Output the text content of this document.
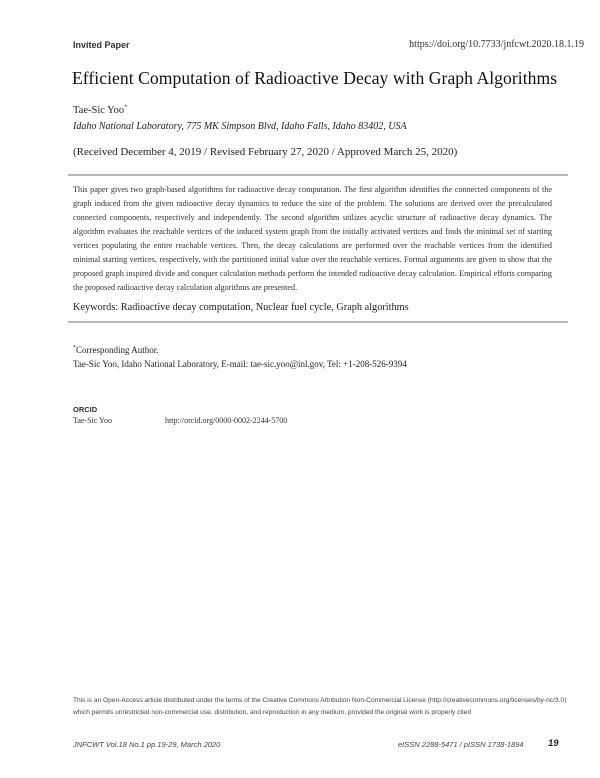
Invited Paper	https://doi.org/10.7733/jnfcwt.2020.18.1.19
Efficient Computation of Radioactive Decay with Graph Algorithms
Tae-Sic Yoo*
Idaho National Laboratory, 775 MK Simpson Blvd, Idaho Falls, Idaho 83402, USA
(Received December 4, 2019 / Revised February 27, 2020 / Approved March 25, 2020)

This paper gives two graph-based algorithms for radioactive decay computation. The first algorithm identifies the connected components of the graph induced from the given radioactive decay dynamics to reduce the size of the problem. The solutions are derived over the precalculated connected components, respectively and independently. The second algorithm utilizes acyclic structure of radioactive decay dynamics. The algorithm evaluates the reachable vertices of the induced system graph from the initially activated vertices and finds the minimal set of starting vertices populating the entire reachable vertices. Then, the decay calculations are performed over the reachable vertices from the identified minimal starting vertices, respectively, with the partitioned initial value over the reachable vertices. Formal arguments are given to show that the proposed graph inspired divide and conquer calculation methods perform the intended radioactive decay calculation. Empirical efforts comparing the proposed radioactive decay calculation algorithms are presented.

Keywords: Radioactive decay computation, Nuclear fuel cycle, Graph algorithms
*Corresponding Author.
Tae-Sic Yoo, Idaho National Laboratory, E-mail: tae-sic.yoo@inl.gov, Tel: +1-208-526-9394
ORCID
Tae-Sic Yoo	http://orcid.org/0000-0002-2244-5700

This is an Open-Access article distributed under the terms of the Creative Commons Attribution Non-Commercial License (http://creativecommons.org/licenses/by-nc/3.0) which permits unrestricted non-commercial use, distribution, and reproduction in any medium, provided the original work is properly cited

JNFCWT Vol.18 No.1 pp.19-29, March 2020	eISSN 2288-5471 / pISSN 1738-1894	19
